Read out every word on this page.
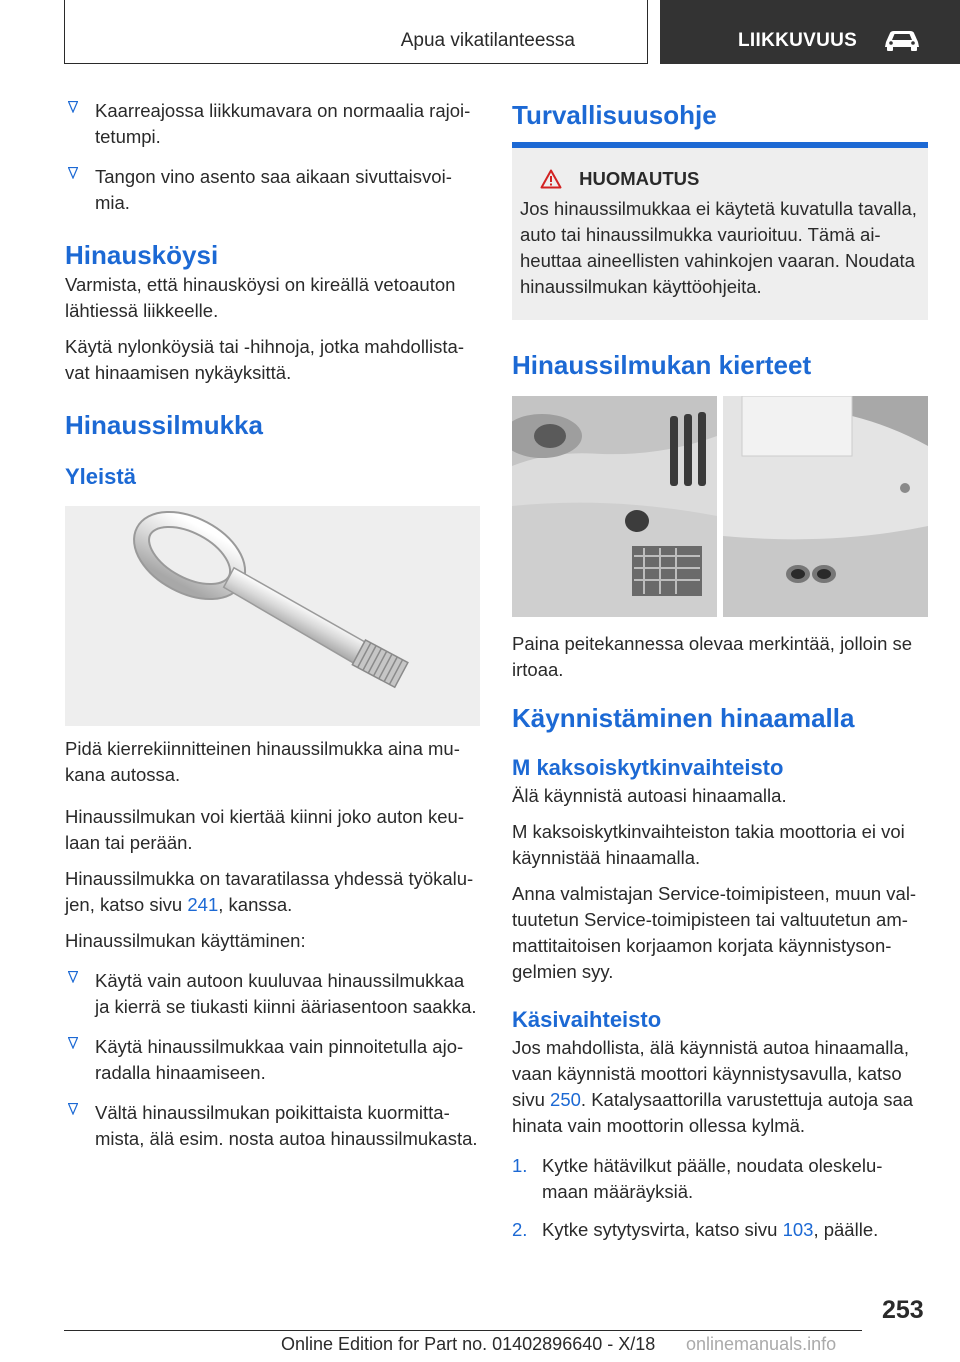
Apua vikatilanteessa	LIIKKUVUUS
Kaarreajossa liikkumavara on normaalia rajoi-tetumpi.
Tangon vino asento saa aikaan sivuttaisvoi-mia.
Hinausköysi

Varmista, että hinausköysi on kireällä vetoauton lähtiessä liikkeelle.

Käytä nylonköysiä tai -hihnoja, jotka mahdollista-vat hinaamisen nykäyksittä.

Hinaussilmukka
Yleistä

Pidä kierrekiinnitteinen hinaussilmukka aina mu-kana autossa.

Hinaussilmukan voi kiertää kiinni joko auton keu-laan tai perään.

Hinaussilmukka on tavaratilassa yhdessä työkalu-jen, katso sivu 241, kanssa.

Hinaussilmukan käyttäminen:

Käytä vain autoon kuuluvaa hinaussilmukkaa ja kierrä se tiukasti kiinni ääriasentoon saakka.
Käytä hinaussilmukkaa vain pinnoitetulla ajo-radalla hinaamiseen.
Vältä hinaussilmukan poikittaista kuormitta-mista, älä esim. nosta autoa hinaussilmukasta.
Turvallisuusohje
HUOMAUTUS

Jos hinaussilmukkaa ei käytetä kuvatulla tavalla, auto tai hinaussilmukka vaurioituu. Tämä ai-heuttaa aineellisten vahinkojen vaaran. Noudata hinaussilmukan käyttöohjeita.

Hinaussilmukan kierteet

Paina peitekannessa olevaa merkintää, jolloin se irtoaa.

Käynnistäminen hinaamalla
M kaksoiskytkinvaihteisto

Älä käynnistä autoasi hinaamalla.

M kaksoiskytkinvaihteiston takia moottoria ei voi käynnistää hinaamalla.

Anna valmistajan Service-toimipisteen, muun val-tuutetun Service-toimipisteen tai valtuutetun am-mattitaitoisen korjaamon korjata käynnistyson-gelmien syy.

Käsivaihteisto

Jos mahdollista, älä käynnistä autoa hinaamalla, vaan käynnistä moottori käynnistysavulla, katso sivu 250. Katalysaattorilla varustettuja autoja saa hinata vain moottorin ollessa kylmä.

1. Kytke hätävilkut päälle, noudata oleskelu-maan määräyksiä.
2. Kytke sytytysvirta, katso sivu 103, päälle.
253
Online Edition for Part no. 01402896640 - X/18 onlinemanuals.info
